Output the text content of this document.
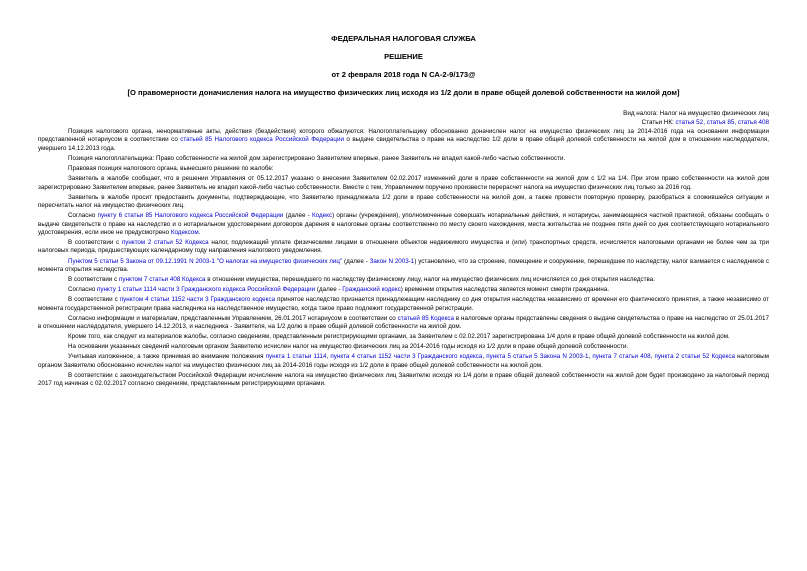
ФЕДЕРАЛЬНАЯ НАЛОГОВАЯ СЛУЖБА
РЕШЕНИЕ
от 2 февраля 2018 года N СА-2-9/173@
[О правомерности доначисления налога на имущество физических лиц исходя из 1/2 доли в праве общей долевой собственности на жилой дом]
Вид налога: Налог на имущество физических лиц
Статьи НК: статья 52, статья 85, статья 408

Позиция налогового органа, ненормативные акты, действия (бездействия) которого обжалуются: Налогоплательщику обоснованно доначислен налог на имущество физических лиц за 2014-2016 года на основании информации представленной нотариусом в соответствии со статьей 85 Налогового кодекса Российской Федерации о выдаче свидетельства о праве на наследство 1/2 доли в праве общей долевой собственности на жилой дом в отношении наследодателя, умершего 14.12.2013 года.

Позиция налогоплательщика: Право собственности на жилой дом зарегистрировано Заявителем впервые, ранее Заявитель не владел какой-либо частью собственности.

Правовая позиция налогового органа, вынесшего решение по жалобе:

Заявитель в жалобе сообщает, что в решении Управления от 05.12.2017 указано о внесении Заявителем 02.02.2017 изменений доли в праве собственности на жилой дом с 1/2 на 1/4. При этом право собственности на жилой дом зарегистрировано Заявителем впервые, ранее Заявитель не владел какой-либо частью собственности. Вместе с тем, Управлением поручено произвести перерасчет налога на имущество физических лиц только за 2016 год.

Заявитель в жалобе просит предоставить документы, подтверждающие, что Заявителю принадлежала 1/2 доли в праве собственности на жилой дом, а также провести повторную проверку, разобраться в сложившейся ситуации и пересчитать налог на имущество физических лиц.

Согласно пункту 6 статьи 85 Налогового кодекса Российской Федерации (далее - Кодекс) органы (учреждения), уполномоченные совершать нотариальные действия, и нотариусы, занимающиеся частной практикой, обязаны сообщать о выдаче свидетельств о праве на наследство и о нотариальном удостоверении договоров дарения в налоговые органы соответственно по месту своего нахождения, места жительства не позднее пяти дней со дня соответствующего нотариального удостоверения, если иное не предусмотрено Кодексом.

В соответствии с пунктом 2 статьи 52 Кодекса налог, подлежащий уплате физическими лицами в отношении объектов недвижимого имущества и (или) транспортных средств, исчисляется налоговыми органами не более чем за три налоговых периода, предшествующих календарному году направления налогового уведомления.

Пунктом 5 статьи 5 Закона от 09.12.1991 N 2003-1 "О налогах на имущество физических лиц" (далее - Закон N 2003-1) установлено, что за строение, помещение и сооружение, перешедшее по наследству, налог взимается с наследников с момента открытия наследства.

В соответствии с пунктом 7 статьи 408 Кодекса в отношении имущества, перешедшего по наследству физическому лицу, налог на имущество физических лиц исчисляется со дня открытия наследства.

Согласно пункту 1 статьи 1114 части 3 Гражданского кодекса Российской Федерации (далее - Гражданский кодекс) временем открытия наследства является момент смерти гражданина.

В соответствии с пунктом 4 статьи 1152 части 3 Гражданского кодекса принятое наследство признается принадлежащим наследнику со дня открытия наследства независимо от времени его фактического принятия, а также независимо от момента государственной регистрации права наследника на наследственное имущество, когда такое право подлежит государственной регистрации.

Согласно информации и материалам, представленным Управлением, 26.01.2017 нотариусом в соответствии со статьей 85 Кодекса в налоговые органы представлены сведения о выдаче свидетельства о праве на наследство от 25.01.2017 в отношении наследодателя, умершего 14.12.2013, и наследника - Заявителя, на 1/2 долю в праве общей долевой собственности на жилой дом.

Кроме того, как следует из материалов жалобы, согласно сведениям, представленным регистрирующими органами, за Заявителем с 02.02.2017 зарегистрирована 1/4 доля в праве общей долевой собственности на жилой дом.

На основании указанных сведений налоговым органом Заявителю исчислен налог на имущество физических лиц за 2014-2016 годы исходя из 1/2 доли в праве общей долевой собственности.

Учитывая изложенное, а также принимая во внимание положения пункта 1 статьи 1114, пункта 4 статьи 1152 части 3 Гражданского кодекса, пункта 5 статьи 5 Закона N 2003-1, пункта 7 статьи 408, пункта 2 статьи 52 Кодекса налоговым органом Заявителю обоснованно исчислен налог на имущество физических лиц за 2014-2016 годы исходя из 1/2 доли в праве общей долевой собственности на жилой дом.

В соответствии с законодательством Российской Федерации исчисление налога на имущество физических лиц Заявителю исходя из 1/4 доли в праве общей долевой собственности на жилой дом будет производено за налоговый период 2017 год начиная с 02.02.2017 согласно сведениям, представленным регистрирующими органами.
